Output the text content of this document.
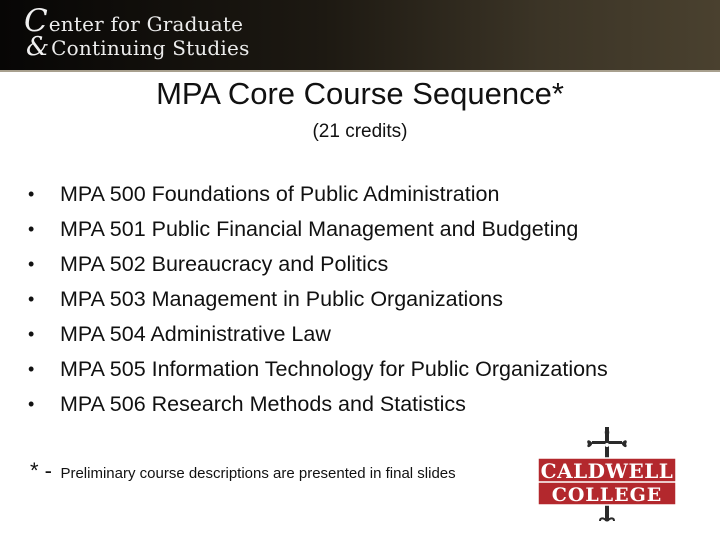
Center for Graduate
& Continuing Studies
MPA Core Course Sequence*
(21 credits)
•	MPA 500 Foundations of Public Administration
•	MPA 501 Public Financial Management and Budgeting
•	MPA 502 Bureaucracy and Politics
•	MPA 503 Management in Public Organizations
•	MPA 504 Administrative Law
•	MPA 505 Information Technology for Public Organizations
•	MPA 506 Research Methods and Statistics
* - Preliminary course descriptions are presented in final slides	CALDWELL
COLLEGE
